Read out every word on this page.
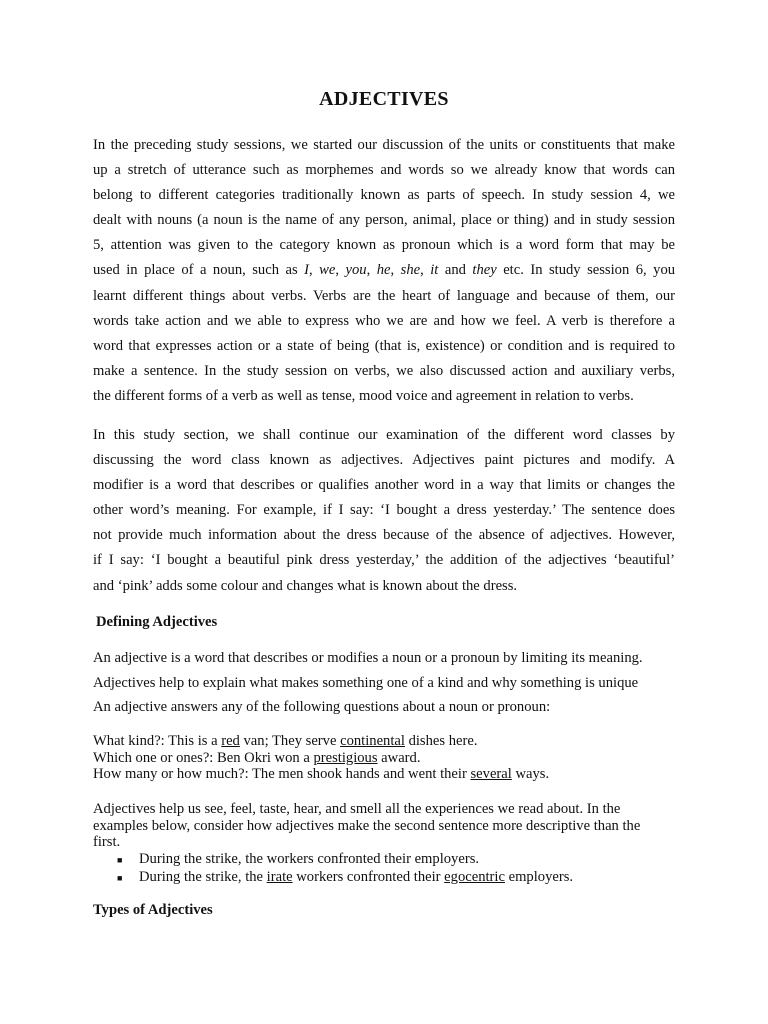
ADJECTIVES
In the preceding study sessions, we started our discussion of the units or constituents that make
up a stretch of utterance such as morphemes and words so we already know that words can
belong to different categories traditionally known as parts of speech. In study session 4, we
dealt with nouns (a noun is the name of any person, animal, place or thing) and in study session
5, attention was given to the category known as pronoun which is a word form that may be
used in place of a noun, such as I, we, you, he, she, it and they etc. In study session 6, you
learnt different things about verbs. Verbs are the heart of language and because of them, our
words take action and we able to express who we are and how we feel. A verb is therefore a
word that expresses action or a state of being (that is, existence) or condition and is required to
make a sentence. In the study session on verbs, we also discussed action and auxiliary verbs,
the different forms of a verb as well as tense, mood voice and agreement in relation to verbs.
In this study section, we shall continue our examination of the different word classes by
discussing the word class known as adjectives. Adjectives paint pictures and modify. A
modifier is a word that describes or qualifies another word in a way that limits or changes the
other word’s meaning. For example, if I say: ‘I bought a dress yesterday.’ The sentence does
not provide much information about the dress because of the absence of adjectives. However,
if I say: ‘I bought a beautiful pink dress yesterday,’ the addition of the adjectives ‘beautiful’
and ‘pink’ adds some colour and changes what is known about the dress.
Defining Adjectives
An adjective is a word that describes or modifies a noun or a pronoun by limiting its meaning.
Adjectives help to explain what makes something one of a kind and why something is unique
An adjective answers any of the following questions about a noun or pronoun:
What kind?: This is a red van; They serve continental dishes here.
Which one or ones?: Ben Okri won a prestigious award.
How many or how much?: The men shook hands and went their several ways.
Adjectives help us see, feel, taste, hear, and smell all the experiences we read about. In the
examples below, consider how adjectives make the second sentence more descriptive than the
first.
■	During the strike, the workers confronted their employers.
■	During the strike, the irate workers confronted their egocentric employers.
Types of Adjectives
